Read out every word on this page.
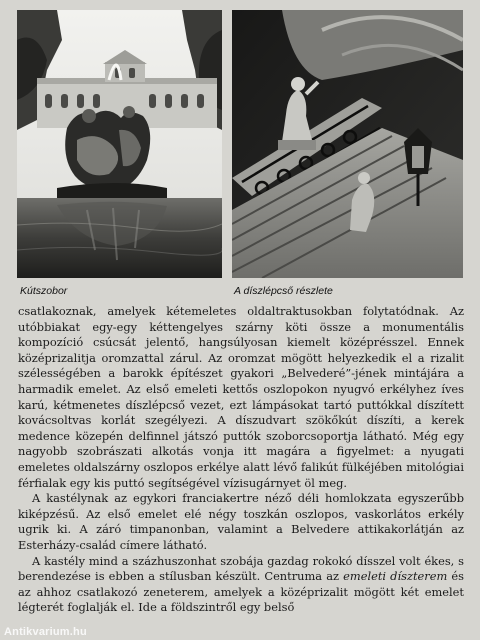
Kútszobor	A díszlépcső részlete

csatlakoznak, amelyek kétemeletes oldaltraktusokban folytatódnak. Az utóbbiakat egy-egy kéttengelyes szárny köti össze a monumentális kompozíció csúcsát jelentő, hangsúlyosan kiemelt középrésszel. Ennek középrizalitja oromzattal zárul. Az oromzat mögött helyezkedik el a rizalit szélességében a barokk építészet gyakori „Belvederé”-jének mintájára a harmadik emelet. Az első emeleti kettős oszlopokon nyugvó erkélyhez íves karú, kétmenetes díszlépcső vezet, ezt lámpásokat tartó puttókkal díszített kovácsoltvas korlát szegélyezi. A díszudvart szökőkút díszíti, a kerek medence közepén delfinnel játszó puttók szoborcsoportja látható. Még egy nagyobb szobrászati alkotás vonja itt magára a figyelmet: a nyugati emeletes oldalszárny oszlopos erkélye alatt lévő falikút fülkéjében mitológiai férfialak egy kis puttó segítségével vízisugárnyet öl meg.

A kastélynak az egykori franciakertre néző déli homlokzata egyszerűbb kiképzésű. Az első emelet elé négy toszkán oszlopos, vaskorlátos erkély ugrik ki. A záró timpanonban, valamint a Belvedere attikakorlátján az Esterházy-család címere látható.

A kastély mind a százhuszonhat szobája gazdag rokokó dísszel volt ékes, s berendezése is ebben a stílusban készült. Centruma az emeleti díszterem és az ahhoz csatlakozó zeneterem, amelyek a középrizalit mögött két emelet légterét foglalják el. Ide a földszintről egy belső

Antikvarium.hu
